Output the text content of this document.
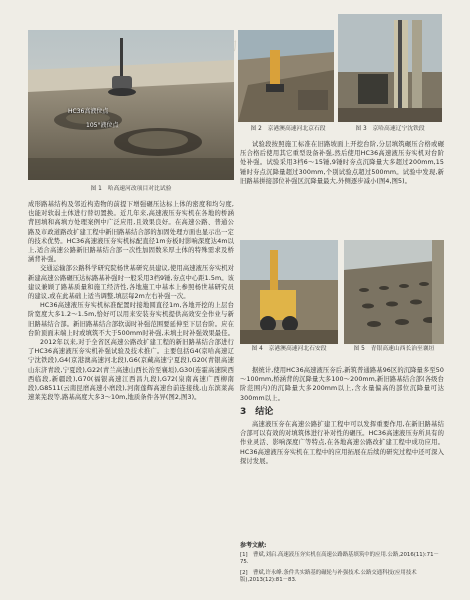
HC36高液位点
105°液位点
图 1　哈高速河改项目对比试验
图 2　京港澳高速河北京石段	图 3　京哈高速辽宁沈铁段

成形路基结构及邻近构造物的前提下增强碾压达标上体的密度和均匀度,也能对软弱土体进行替切置换。近几年来,高速液压夯实机在各地的桥涵背回填和高填方处理案例中广泛应用,且效果良好。在高速公路、普通公路及市政道路改扩建工程中新旧路基结合部的加固处理方面也显示出一定的技术优势。HC36高速液压夯实机标配直径1m夯板时影响深度达4m以上,适合高速公路新旧路基结合部一次性加固数米厚土体的特殊需求及桥涵背补强。

交通运输部公路科学研究院杨世基研究员建议,使用高速液压夯实机对新建高速公路碾压达标路基补强时一般采用3档9锤,夯点中心距1.5m。该建议兼顾了路基质量和施工经济性,各地施工中基本上参照杨世基研究员的建议,或在此基础上适当调整,填层每2m左右补强一次。

HC36高速液压夯实机标准配置时接地圆直径1m,各地开挖的上层台阶宽度大多1.2～1.5m,恰好可以用来安装夯实机提供高效安全作业与新旧路基结合部。新旧路基结合部软弱时补强范围要延伸至下层台阶。应在台阶顶面末端上时或填筑不大于500mm时补强,未填土时补强效果最佳。

2012年以来,对于全省区高速公路改扩建工程的新旧路基结合部进行了HC36高速液压夯实机补强试验及技术推广。主要包括G4(京哈高速辽宁沈铁段),G4(京港澳高速河北段),G6(京藏高速宁夏段),G20(青银高速山东济青段,宁夏段),G22(青兰高速山西长治至襄垣),G30(连霍高速陕西西临段,新疆段),G70(福银高速江西昌九段),G72(泉南高速广西柳南段),G8511(云南昆磨高速小磨段),河南莲辉高速台前连接线,山东滨莱高速莱芜段等,路基高度大多3～10m,地质条件各异(图2,图3)。

试验段按照施工标准在旧路坡面上开挖台阶,分层填筑碾压合格或碾压合格后使用其它重型设备补强,然后使用HC36高速液压夯实机对台阶处补强。试验采用3档6～15锤,9锤时夯点沉降量大多超过200mm,15锤时夯点沉降量超过300mm,个别试验点超过500mm。试验中发现,新旧路基拼接部位补强区沉降量最大,外侧逐步减小(图4,图5)。

图 4　京港澳高速河北石安段	图 5　青银高速山西长治至襄垣

据统计,使用HC36高速液压夯后,新筑普通路基96区的沉降量多至50～100mm,桥涵背的沉降量大多100～200mm,新旧路基结合部(各级台阶范围内)的沉降量大多200mm以上,含水量偏高的部位沉降量可达300mm以上。

3　结论

高速液压夯在高速公路扩建工程中可以发挥重要作用,在新旧路基结合部可以有效的对填筑体进行补对性的碾压。HC36高速液压夯所具有的作业灵活、影响深度广等特点,在各地高速公路改扩建工程中成功应用。HC36高速液压夯实机在工程中的应用拓展在后续的研究过程中还可深入探讨发展。

参考文献:
[1]　曹斌,刘启.高速液压夯实机在高速公路路基填筑中的应用.公路,2016(11):71－75.
[2]　曹斌,许永峰.条件共实路基的碾轮与补强技术.公路交通科技(应用技术版),2013(12):81－83.
